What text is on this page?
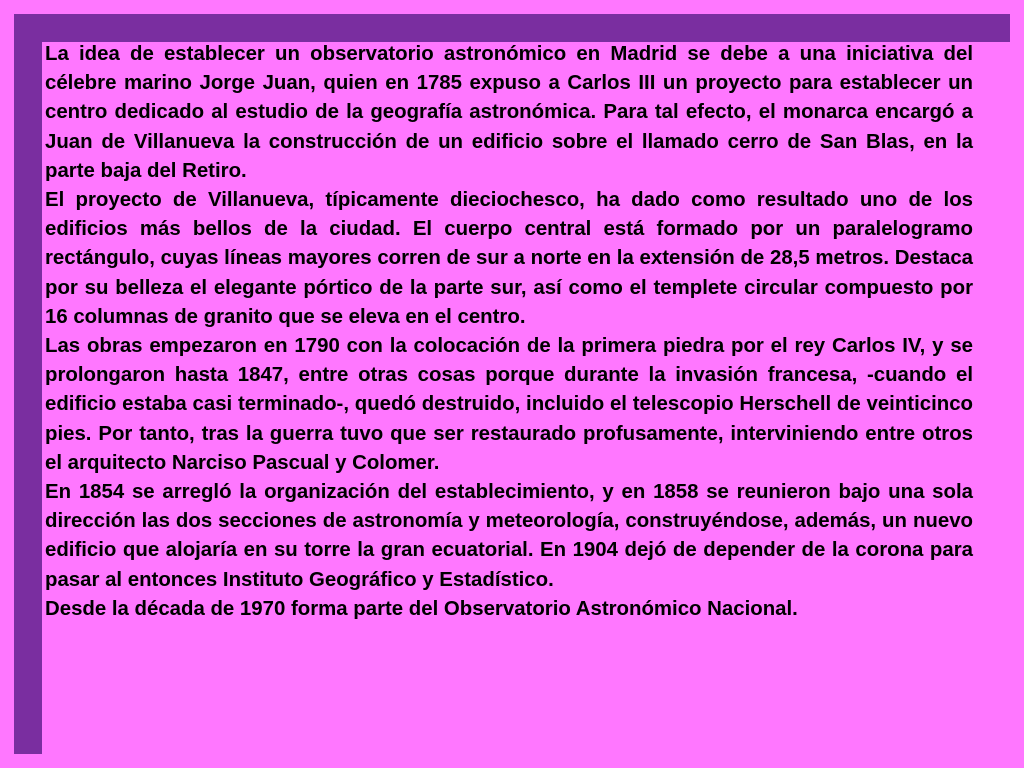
La idea de establecer un observatorio astronómico en Madrid se debe a una iniciativa del célebre marino Jorge Juan, quien en 1785 expuso a Carlos III un proyecto para establecer un centro dedicado al estudio de la geografía astronómica. Para tal efecto, el monarca encargó a Juan de Villanueva la construcción de un edificio sobre el llamado cerro de San Blas, en la parte baja del Retiro.

El proyecto de Villanueva, típicamente dieciochesco, ha dado como resultado uno de los edificios más bellos de la ciudad. El cuerpo central está formado por un paralelogramo rectángulo, cuyas líneas mayores corren de sur a norte en la extensión de 28,5 metros. Destaca por su belleza el elegante pórtico de la parte sur, así como el templete circular compuesto por 16 columnas de granito que se eleva en el centro.

Las obras empezaron en 1790 con la colocación de la primera piedra por el rey Carlos IV, y se prolongaron hasta 1847, entre otras cosas porque durante la invasión francesa, -cuando el edificio estaba casi terminado-, quedó destruido, incluido el telescopio Herschell de veinticinco pies. Por tanto, tras la guerra tuvo que ser restaurado profusamente, interviniendo entre otros el arquitecto Narciso Pascual y Colomer.

En 1854 se arregló la organización del establecimiento, y en 1858 se reunieron bajo una sola dirección las dos secciones de astronomía y meteorología, construyéndose, además, un nuevo edificio que alojaría en su torre la gran ecuatorial. En 1904 dejó de depender de la corona para pasar al entonces Instituto Geográfico y Estadístico.

Desde la década de 1970 forma parte del Observatorio Astronómico Nacional.
